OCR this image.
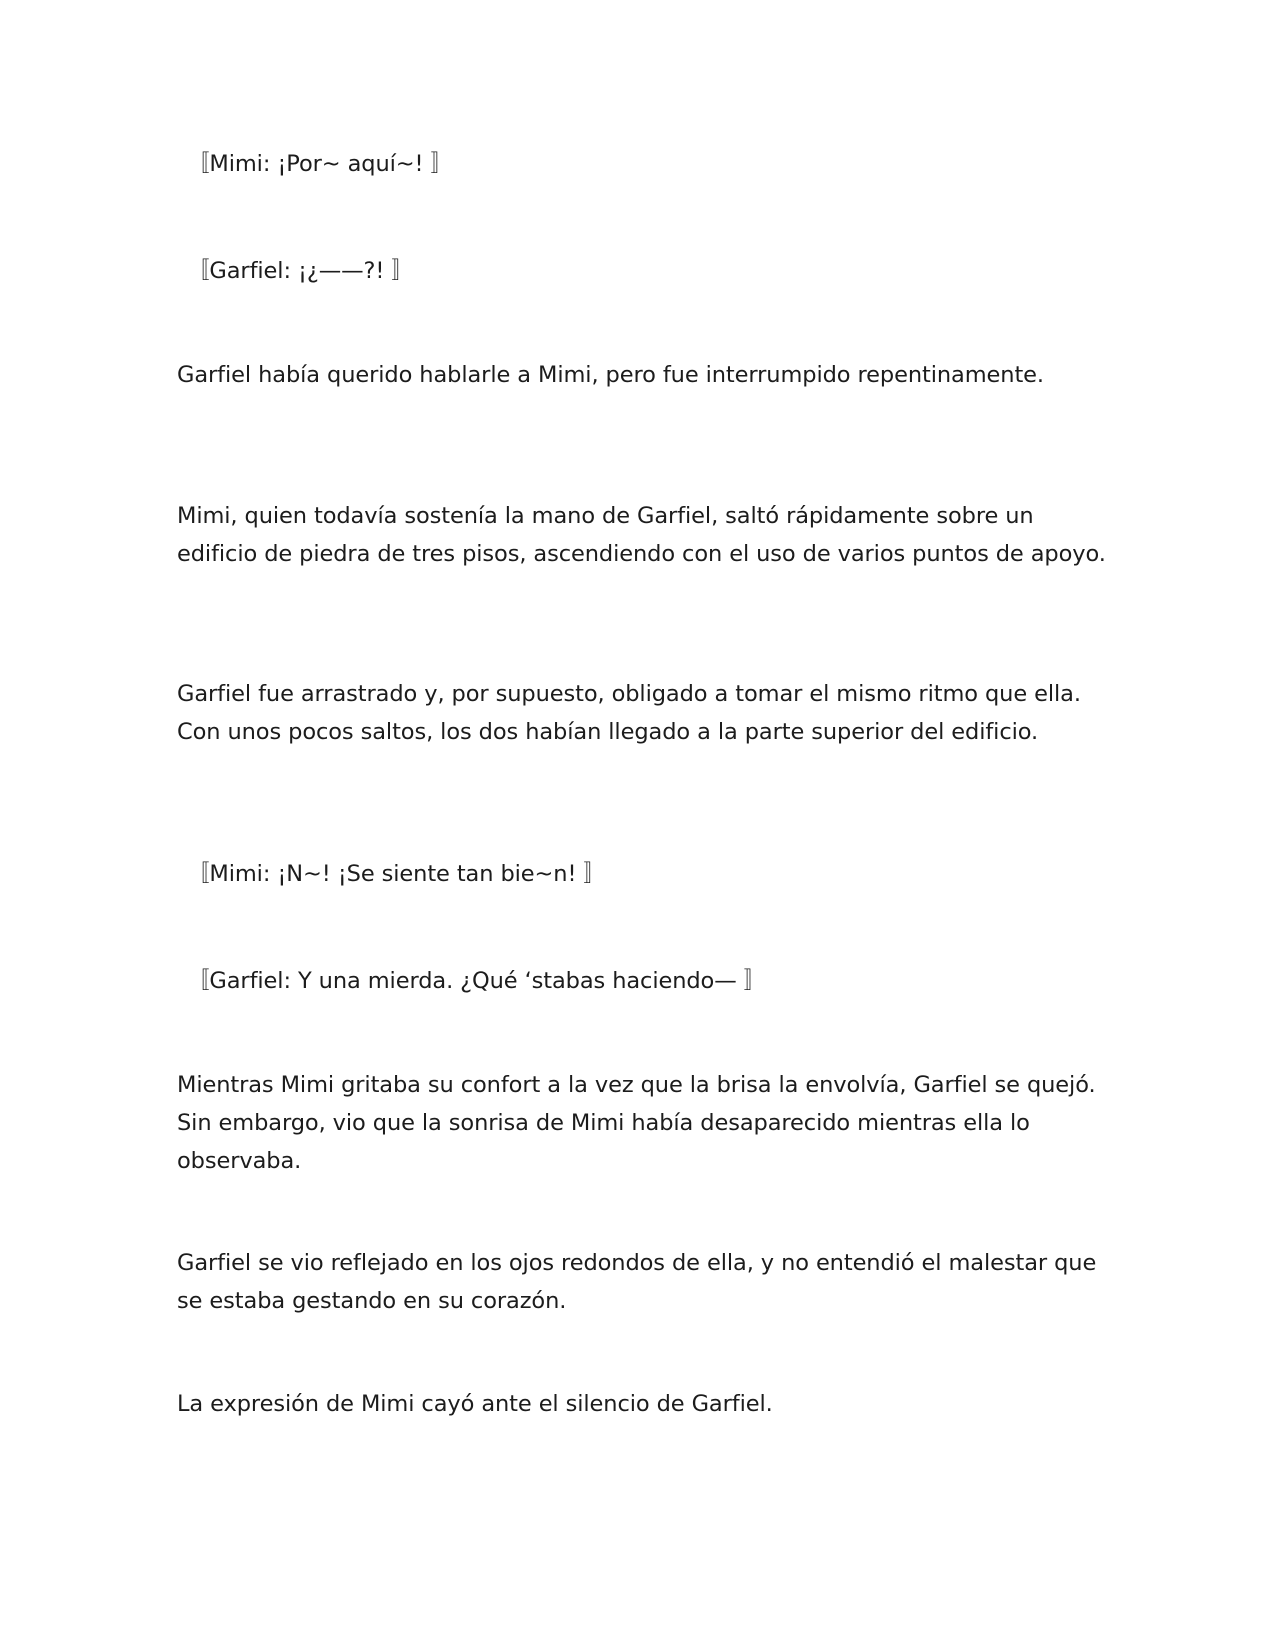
〚Mimi: ¡Por~ aquí~! 〛

〚Garfiel: ¡¿——?! 〛

Garfiel había querido hablarle a Mimi, pero fue interrumpido repentinamente.

Mimi, quien todavía sostenía la mano de Garfiel, saltó rápidamente sobre un edificio de piedra de tres pisos, ascendiendo con el uso de varios puntos de apoyo.

Garfiel fue arrastrado y, por supuesto, obligado a tomar el mismo ritmo que ella. Con unos pocos saltos, los dos habían llegado a la parte superior del edificio.

〚Mimi: ¡N~! ¡Se siente tan bie~n! 〛

〚Garfiel: Y una mierda. ¿Qué ‘stabas haciendo— 〛

Mientras Mimi gritaba su confort a la vez que la brisa la envolvía, Garfiel se quejó. Sin embargo, vio que la sonrisa de Mimi había desaparecido mientras ella lo observaba.

Garfiel se vio reflejado en los ojos redondos de ella, y no entendió el malestar que se estaba gestando en su corazón.

La expresión de Mimi cayó ante el silencio de Garfiel.
